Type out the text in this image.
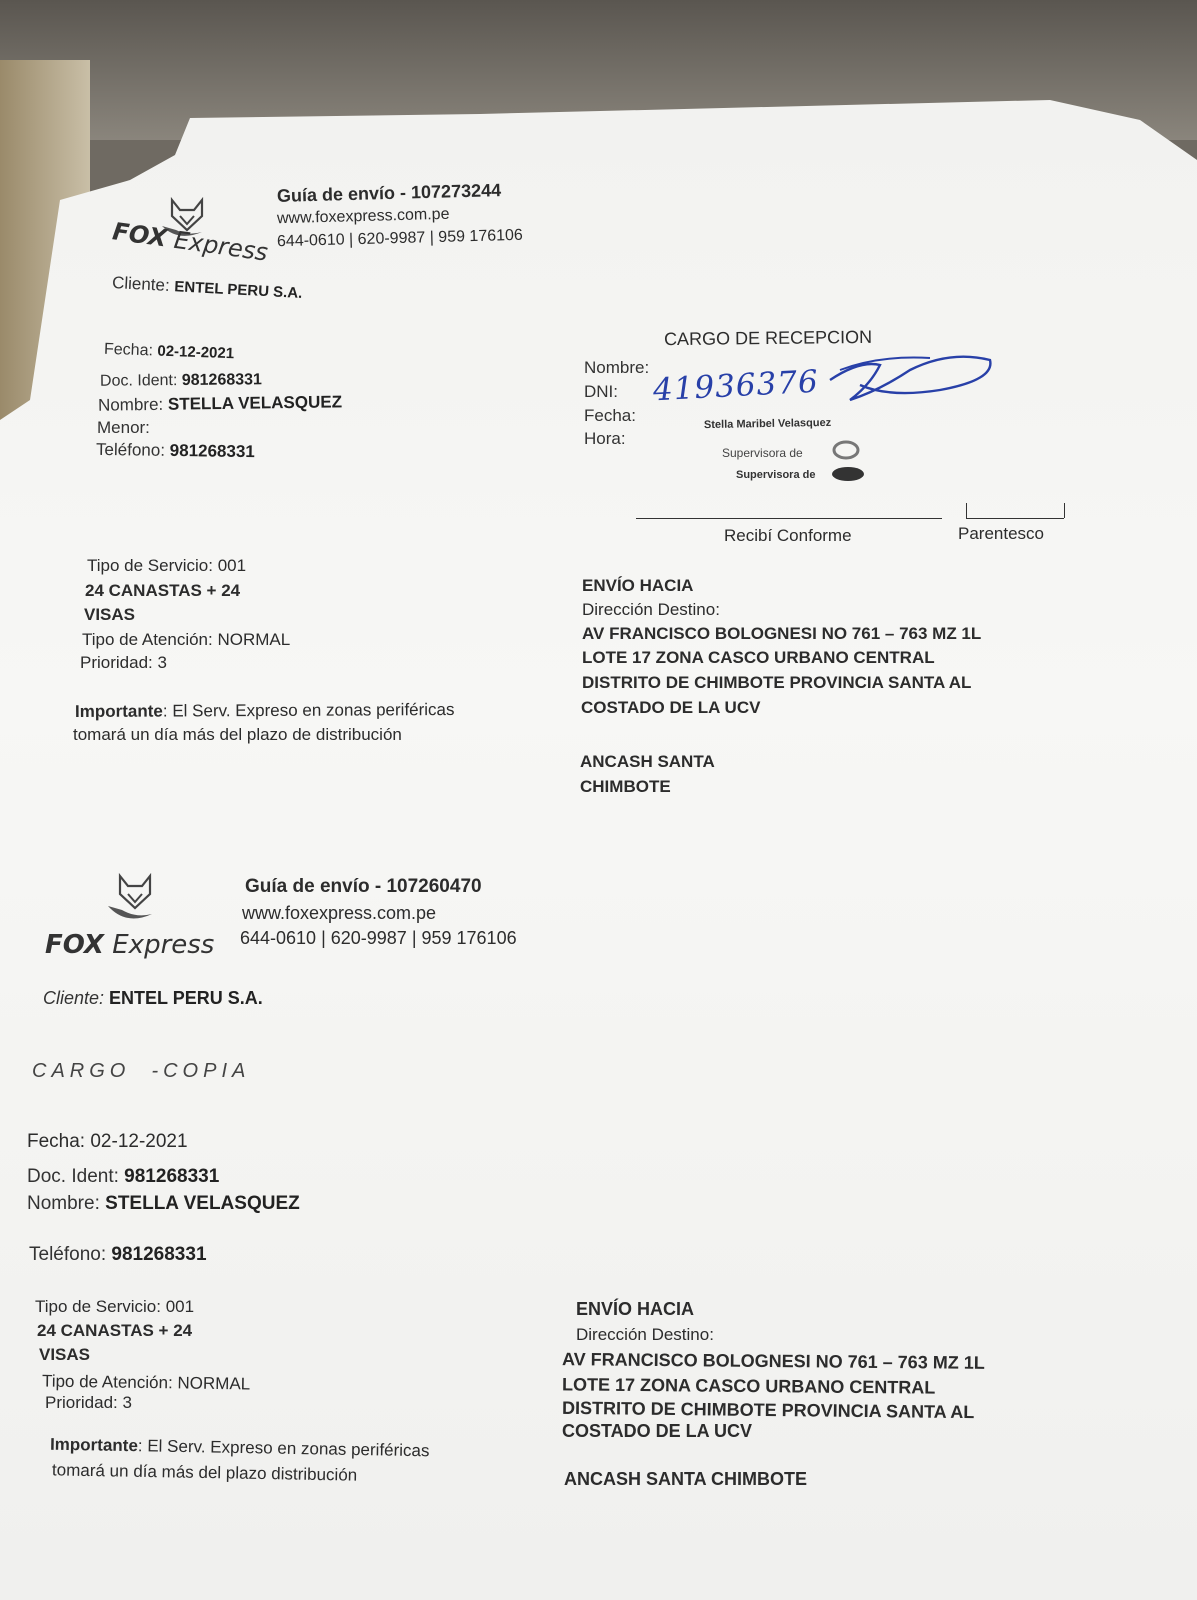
FOX Express
Guía de envío - 107273244
www.foxexpress.com.pe
644-0610 | 620-9987 | 959 176106
Cliente: ENTEL PERU S.A.
Fecha: 02-12-2021
Doc. Ident: 981268331
Nombre: STELLA VELASQUEZ
Menor:
Teléfono: 981268331
CARGO DE RECEPCION
Nombre:
DNI:
Fecha:
Hora:
41936376
Stella Maribel Velasquez
Supervisora de
Supervisora de
Recibí Conforme	Parentesco
Tipo de Servicio: 001
24 CANASTAS + 24
VISAS
Tipo de Atención: NORMAL
Prioridad: 3
Importante: El Serv. Expreso en zonas periféricas
tomará un día más del plazo de distribución
ENVÍO HACIA
Dirección Destino:
AV FRANCISCO BOLOGNESI NO 761 – 763 MZ 1L
LOTE 17 ZONA CASCO URBANO CENTRAL
DISTRITO DE CHIMBOTE PROVINCIA SANTA AL
COSTADO DE LA UCV
ANCASH SANTA
CHIMBOTE
FOX Express
Guía de envío - 107260470
www.foxexpress.com.pe
644-0610 | 620-9987 | 959 176106
Cliente: ENTEL PERU S.A.
CARGO  -COPIA
Fecha: 02-12-2021
Doc. Ident: 981268331
Nombre: STELLA VELASQUEZ
Teléfono: 981268331
Tipo de Servicio: 001
24 CANASTAS + 24
VISAS
Tipo de Atención: NORMAL
Prioridad: 3
Importante: El Serv. Expreso en zonas periféricas
tomará un día más del plazo distribución
ENVÍO HACIA
Dirección Destino:
AV FRANCISCO BOLOGNESI NO 761 – 763 MZ 1L
LOTE 17 ZONA CASCO URBANO CENTRAL
DISTRITO DE CHIMBOTE PROVINCIA SANTA AL
COSTADO DE LA UCV
ANCASH SANTA CHIMBOTE
